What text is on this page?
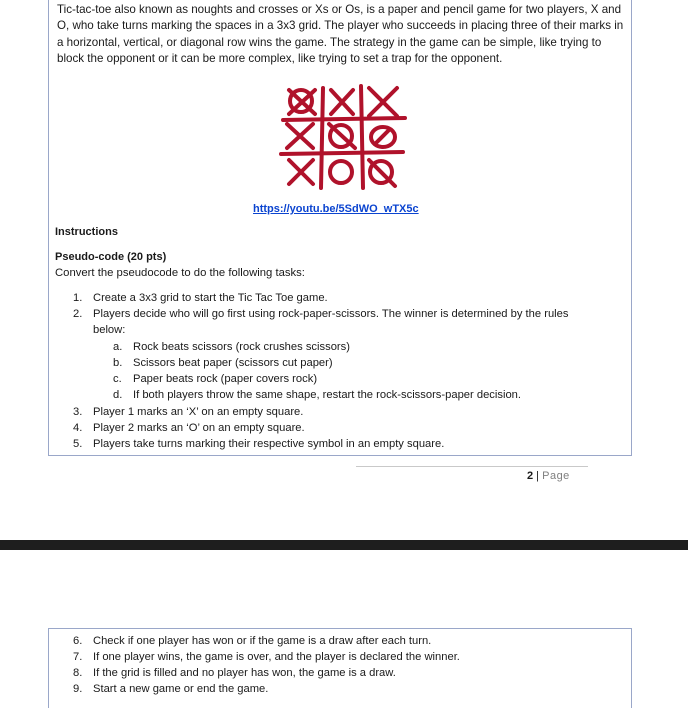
Tic-tac-toe also known as noughts and crosses or Xs or Os, is a paper and pencil game for two players, X and O, who take turns marking the spaces in a 3x3 grid. The player who succeeds in placing three of their marks in a horizontal, vertical, or diagonal row wins the game. The strategy in the game can be simple, like trying to block the opponent or it can be more complex, like trying to set a trap for the opponent.
https://youtu.be/5SdWO_wTX5c
Instructions
Pseudo-code (20 pts)
Convert the pseudocode to do the following tasks:
1. Create a 3x3 grid to start the Tic Tac Toe game.
2. Players decide who will go first using rock-paper-scissors. The winner is determined by the rules
below:
a. Rock beats scissors (rock crushes scissors)
b. Scissors beat paper (scissors cut paper)
c. Paper beats rock (paper covers rock)
d. If both players throw the same shape, restart the rock-scissors-paper decision.
3. Player 1 marks an ‘X’ on an empty square.
4. Player 2 marks an ‘O’ on an empty square.
5. Players take turns marking their respective symbol in an empty square.
2 | Page
6. Check if one player has won or if the game is a draw after each turn.
7. If one player wins, the game is over, and the player is declared the winner.
8. If the grid is filled and no player has won, the game is a draw.
9. Start a new game or end the game.
